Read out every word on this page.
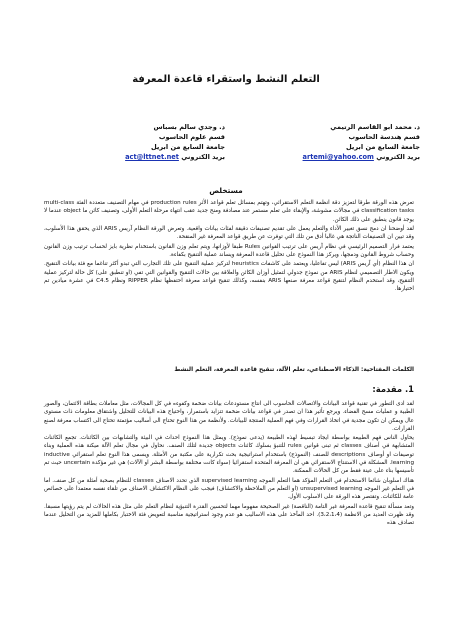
التعلم النشط واستقراء قاعدة المعرفة
د. محمد ابو القاسم الرتيمي
قسم هندسة الحاسوب
جامعة السابع من ابريل
بريد الكتروني artemi@yahoo.com
د. وجدي سالم بسباس
قسم علوم الحاسوب
جامعة السابع من ابريل
بريد الكتروني act@lttnet.net
مستخلص

تعرض هذه الورقة طرقا لتعزيز دقة انظمة التعلم الاستقرائي، وتهتم بمسائل تعلم قواعد الأثر production rules في مهام التصنيف متعددة الفئة multi-class classification tasks في مجالات مشوشة، والإبقاء على تعلم مستمر عند مصادفة ومنح جديد عقب انتهاء مرحلة التعلم الأولى، وتصنيف كائن ما object عندما لا يوجد قانون ينطبق على ذلك الكائن.

لقد أوضحنا ان دمج نسق تغيير الأداء والتعلم يعمل على تقديم تصنيفات دقيقة لفئات بيانات واقعية. وتعرض الورقة النظام آريس ARIS الذي يحقق هذا الأسلوب، وقد تبين ان التصنيفات الناتجة هي غالبا أدق من تلك التي توفرت عن طريق قواعد المعرفة غير المنقحة.

يعتمد فرار التصميم الرئيسي في نظام آريس على ترتيب القوانين Rules طبقا لأوزانها، ويتم تعلم وزن القانون باستخدام نظرية بايز لحساب ترتيب وزن القانون وحساب شروط القانون ودمجها، ويركز هذا النموذج على تحليل قاعدة المعرفة ويساند عملية التنقيح بكفاءة.

ان هذا النظام (أي آريس ARIS) ليس تفاعليا، ويعتمد على كاشفات heuristics لتركيز عملية التنقيح على تلك التجارب التي تبدو أكثر تناغما مع فئة بيانات التنقيح. ويكون الاطار التصميمي لنظام ARIS من نموذج جدولي لتمثيل أوزان الكائن والعلاقة بين حالات التنقيح والقوانين التي تفي (او تنطبق على) كل حالة لتركيز عملية التنقيح، وقد استخدم النظام لتنقيح قواعد معرفة صنعها ARIS بنفسه، وكذلك تنقيح قواعد معرفة احتفظها نظام RIPPER ونظام C4.5 في عشرة ميادين تم اختيارها.

الكلمات المفتاحية: الذكاء الاصطناعي، تعلم الآلة، تنقيح قاعدة المعرفة، التعلم النشط
1. مقدمة:

لقد ادى التطور في تقنية قواعد البيانات والاتصالات الحاسوب الى انتاج مستودعات بيانات ضخمة وكفوءه في كل المجالات، مثل معاملات بطاقة الائتمان، والصور الطبية و عمليات مسح الفضاء. ويرجع تأثير هذا ان تصدر في قواعد بيانات ضخمة تتزايد باستمرار، واحتياج هذه البيانات للتحليل واشتقاق معلومات ذات مستوى عال ويمكن ان تكون مجدية في اتخاذ القرارات وفي فهم العملية المنتجة للبيانات. ولأنظمة من هذا النوع تحتاج الى أساليب مؤتمتة تحتاج الى اكتساب معرفة لصنع القرارات.

يحاول الناس فهم الطبيعة بواسطة ايجاد تبسيط لهذه الطبيعة (يدعى نموذج). ويمثل هذا النموذج احداث في البيئة والتشابهات بين الكائنات. تجمع الكائنات المتشابهة في أصناف classes ثم تبنى قوانين rules للتنبؤ بسلوك كائنات objects جديدة لتلك الصنف. نحاول في مجال تعلم الآلة ميكنة هذه العملية وبناء توصيفات او أوصاف descriptions للصنف (النموذج) باستخدام استراتيجية بحث تكرارية على مكتبة من الأمثلة. ويسمى هذا النوع تعلم استقرائي inductive learning. المشكلة في الاستنتاج الاستقرائي هي ان المعرفة المتحدة استقرائيا (سواء كانت مختلفة بواسطة البشر او الآلات) هي غير مؤكدة uncertain حيث تم تأسيسها بناء على عينة فقط من كل الحالات الممكنة.

هناك اسلوبان شائعا الاستخدام في التعلم المؤكد هما التعلم الموجه supervised learning الذي تحدد الاصناف classes للنظام بصحبة أمثلة من كل صنف. اما في التعلم غير الموجه unsupervised learning (او التعلم من الملاحظة والاكتشاف) فيجب على النظام الاكتشاف الاصناف من تلقاء نفسه معتمدا على خصائص عامة للكائنات. وتقتصر هذه الورقة على الاسلوب الأول.

وتعد مسألة تنقيح قاعدة المعرفة غير التامة (الناقصة) غير الصحيحة مفهوما مهما لتحسين القدرة التنبؤية لنظام التعلم على مثل هذه الحالات لم يتم رؤيتها مسبقا. وقد ظهرت العديد من الانظمة (3،2،1،4). احد المآخذ على هذه الاساليب هو عدم وجود استراتيجية مناسبة لتعويض فئة الاختبار بكاملها للمزيد من التحليل عندما تصادف هذه
